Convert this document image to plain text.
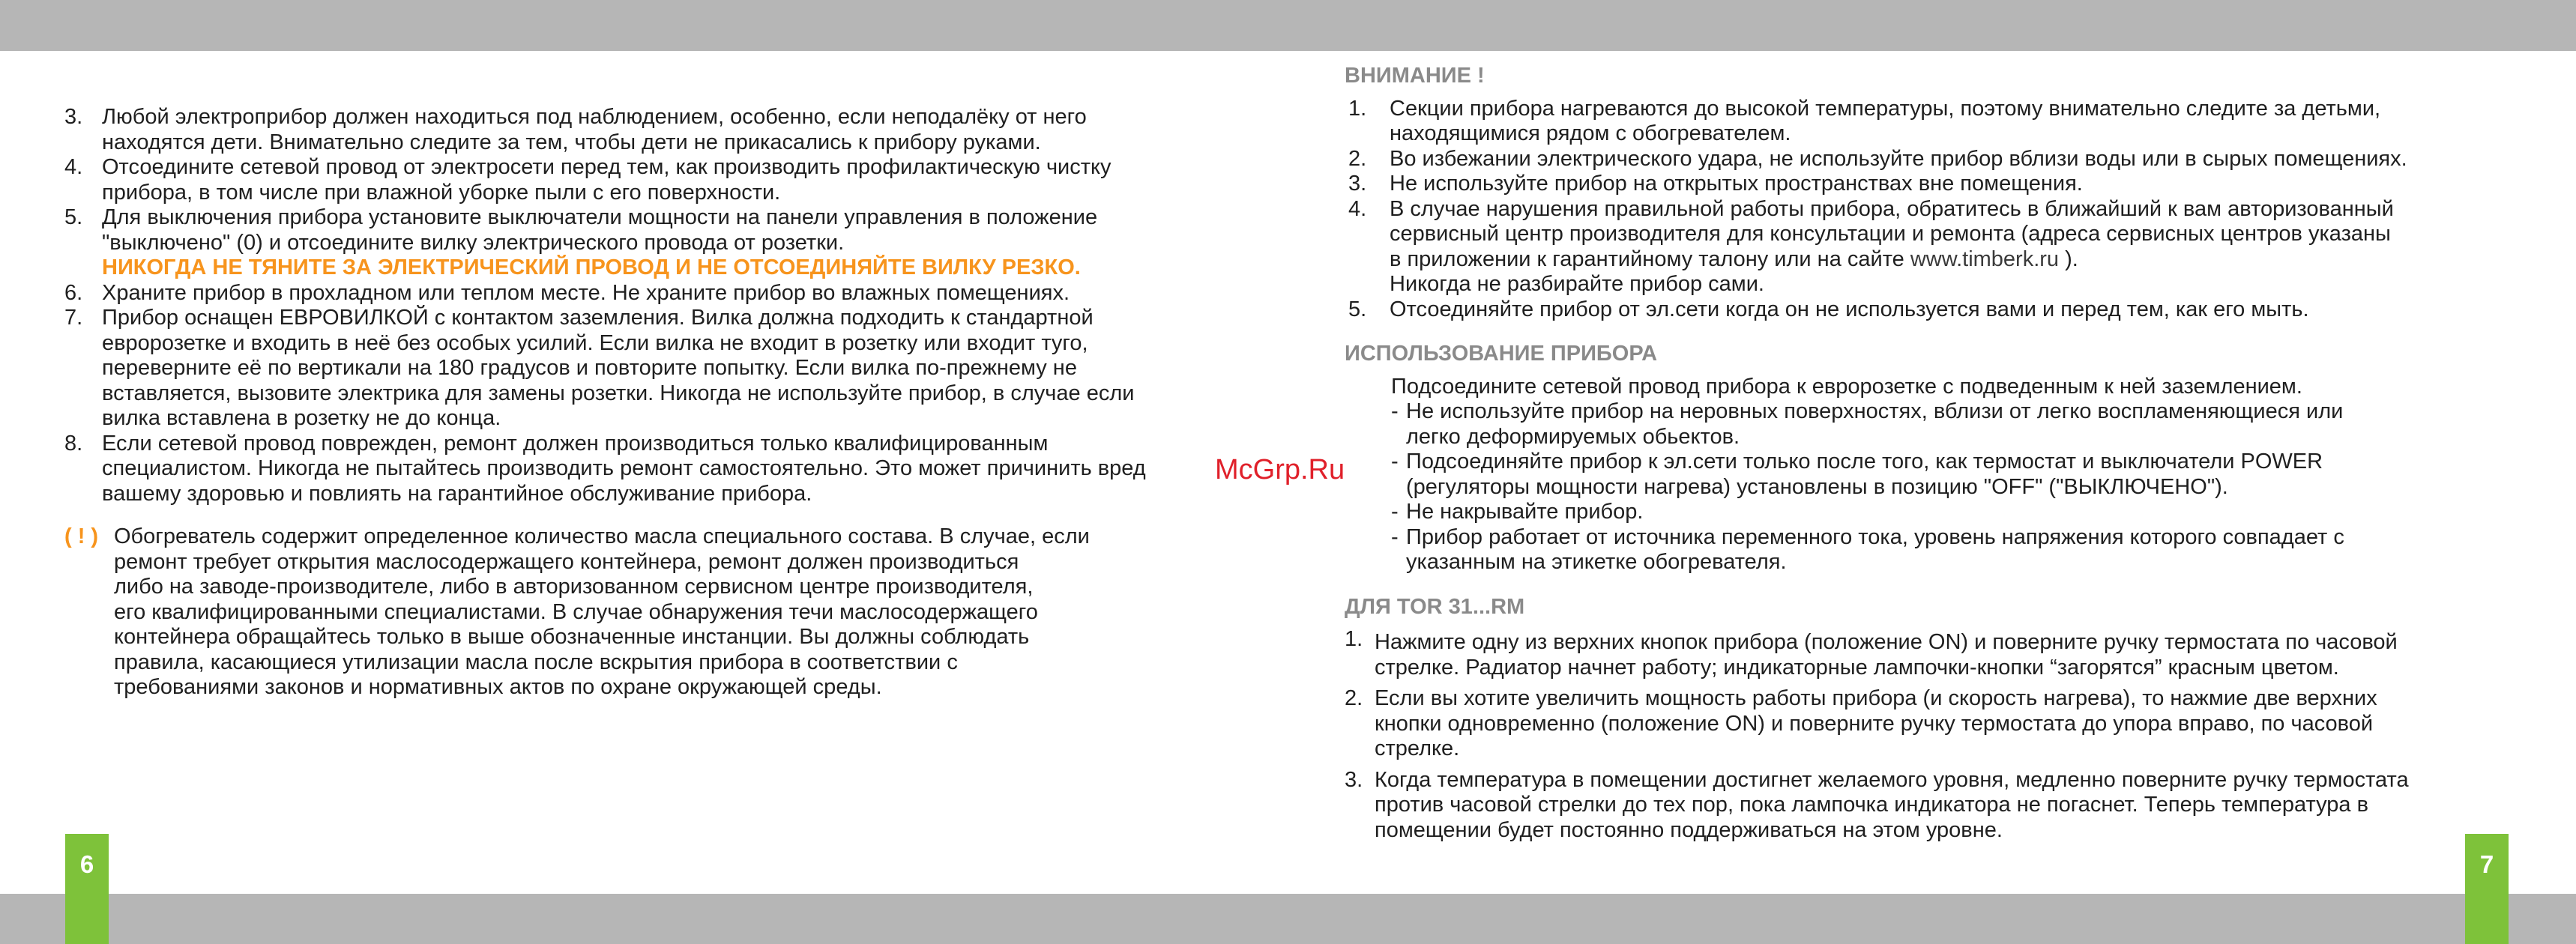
6	7
3. Любой электроприбор должен находиться под наблюдением, особенно, если неподалёку от него
находятся дети. Внимательно следите за тем, чтобы дети не прикасались к прибору руками.
4. Отсоедините сетевой провод от электросети перед тем, как производить профилактическую чистку
прибора, в том числе при влажной уборке пыли с его поверхности.
5. Для выключения прибора установите выключатели мощности на панели управления в положение
"выключено" (0) и отсоедините вилку электрического провода от розетки.
НИКОГДА НЕ ТЯНИТЕ ЗА ЭЛЕКТРИЧЕСКИЙ ПРОВОД И НЕ ОТСОЕДИНЯЙТЕ ВИЛКУ РЕЗКО.
6. Храните прибор в прохладном или теплом месте. Не храните прибор во влажных помещениях.
7. Прибор оснащен ЕВРОВИЛКОЙ с контактом заземления. Вилка должна подходить к стандартной
евророзетке и входить в неё без особых усилий. Если вилка не входит в розетку или входит туго,
переверните её по вертикали на 180 градусов и повторите попытку. Если вилка по-прежнему не
вставляется, вызовите электрика для замены розетки. Никогда не используйте прибор, в случае если
вилка вставлена в розетку не до конца.
8. Если сетевой провод поврежден, ремонт должен производиться только квалифицированным
специалистом. Никогда не пытайтесь производить ремонт самостоятельно. Это может причинить вред
вашему здоровью и повлиять на гарантийное обслуживание прибора.
( ! ) Обогреватель содержит определенное количество масла специального состава. В случае, если
ремонт требует открытия маслосодержащего контейнера, ремонт должен производиться
либо на заводе-производителе, либо в авторизованном сервисном центре производителя,
его квалифицированными специалистами. В случае обнаружения течи маслосодержащего
контейнера обращайтесь только в выше обозначенные инстанции. Вы должны соблюдать
правила, касающиеся утилизации масла после вскрытия прибора в соответствии с
требованиями законов и нормативных актов по охране окружающей среды.
McGrp.Ru
ВНИМАНИЕ !
1. Секции прибора нагреваются до высокой температуры, поэтому внимательно следите за детьми,
находящимися рядом с обогревателем.
2. Во избежании электрического удара, не используйте прибор вблизи воды или в сырых помещениях.
3. Не используйте прибор на открытых пространствах вне помещения.
4. В случае нарушения правильной работы прибора, обратитесь в ближайший к вам авторизованный
сервисный центр производителя для консультации и ремонта (адреса сервисных центров указаны
в приложении к гарантийному талону или на сайте www.timberk.ru ).
Никогда не разбирайте прибор сами.
5. Отсоединяйте прибор от эл.сети когда он не используется вами и перед тем, как его мыть.
ИСПОЛЬЗОВАНИЕ ПРИБОРА
Подсоедините сетевой провод прибора к евророзетке с подведенным к ней заземлением.
- Не используйте прибор на неровных поверхностях, вблизи от легко воспламеняющиеся или
легко деформируемых обьектов.
- Подсоединяйте прибор к эл.сети только после того, как термостат и выключатели POWER
(регуляторы мощности нагрева) установлены в позицию "OFF" ("ВЫКЛЮЧЕНО").
- Не накрывайте прибор.
- Прибор работает от источника переменного тока, уровень напряжения которого совпадает с
указанным на этикетке обогревателя.
ДЛЯ TOR 31...RM
1. Нажмите одну из верхних кнопок прибора (положение ON) и поверните ручку термостата по часовой
стрелке. Радиатор начнет работу; индикаторные лампочки-кнопки “загорятся” красным цветом.
2. Если вы хотите увеличить мощность работы прибора (и скорость нагрева), то нажмие две верхних
кнопки одновременно (положение ON) и поверните ручку термостата до упора вправо, по часовой
стрелке.
3. Когда температура в помещении достигнет желаемого уровня, медленно поверните ручку термостата
против часовой стрелки до тех пор, пока лампочка индикатора не погаснет. Теперь температура в
помещении будет постоянно поддерживаться на этом уровне.
